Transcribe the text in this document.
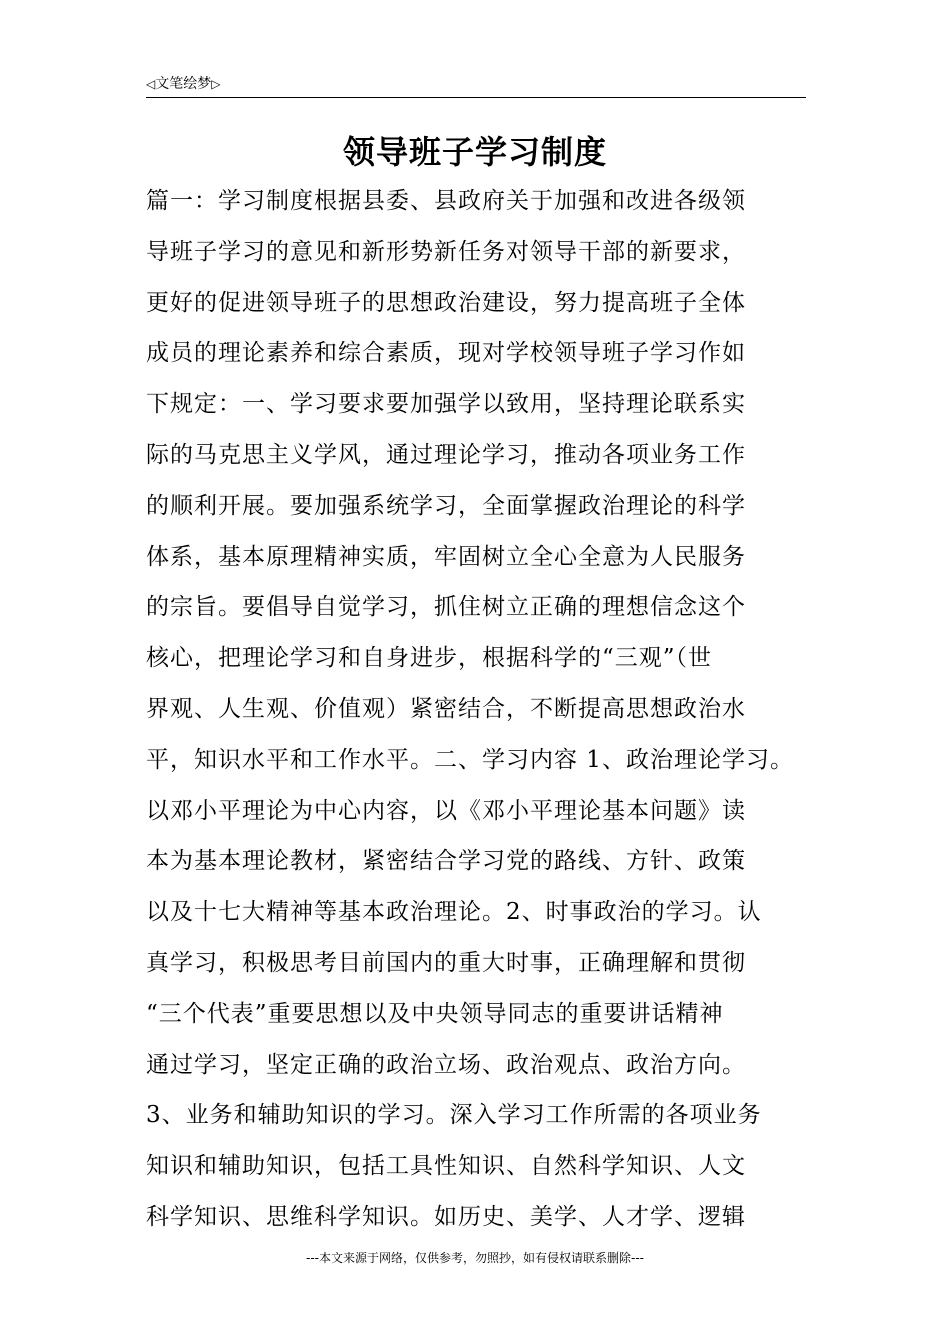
◁文笔绘梦▷
领导班子学习制度
篇一：学习制度根据县委、县政府关于加强和改进各级领
导班子学习的意见和新形势新任务对领导干部的新要求，
更好的促进领导班子的思想政治建设，努力提高班子全体
成员的理论素养和综合素质，现对学校领导班子学习作如
下规定：一、学习要求要加强学以致用，坚持理论联系实
际的马克思主义学风，通过理论学习，推动各项业务工作
的顺利开展。要加强系统学习，全面掌握政治理论的科学
体系，基本原理精神实质，牢固树立全心全意为人民服务
的宗旨。要倡导自觉学习，抓住树立正确的理想信念这个
核心，把理论学习和自身进步，根据科学的“三观”（世
界观、人生观、价值观）紧密结合，不断提高思想政治水
平，知识水平和工作水平。二、学习内容 1、政治理论学习。
以邓小平理论为中心内容，以《邓小平理论基本问题》读
本为基本理论教材，紧密结合学习党的路线、方针、政策
以及十七大精神等基本政治理论。2、时事政治的学习。认
真学习，积极思考目前国内的重大时事，正确理解和贯彻
“三个代表”重要思想以及中央领导同志的重要讲话精神
通过学习，坚定正确的政治立场、政治观点、政治方向。
3、业务和辅助知识的学习。深入学习工作所需的各项业务
知识和辅助知识，包括工具性知识、自然科学知识、人文
科学知识、思维科学知识。如历史、美学、人才学、逻辑
---本文来源于网络，仅供参考，勿照抄，如有侵权请联系删除---
